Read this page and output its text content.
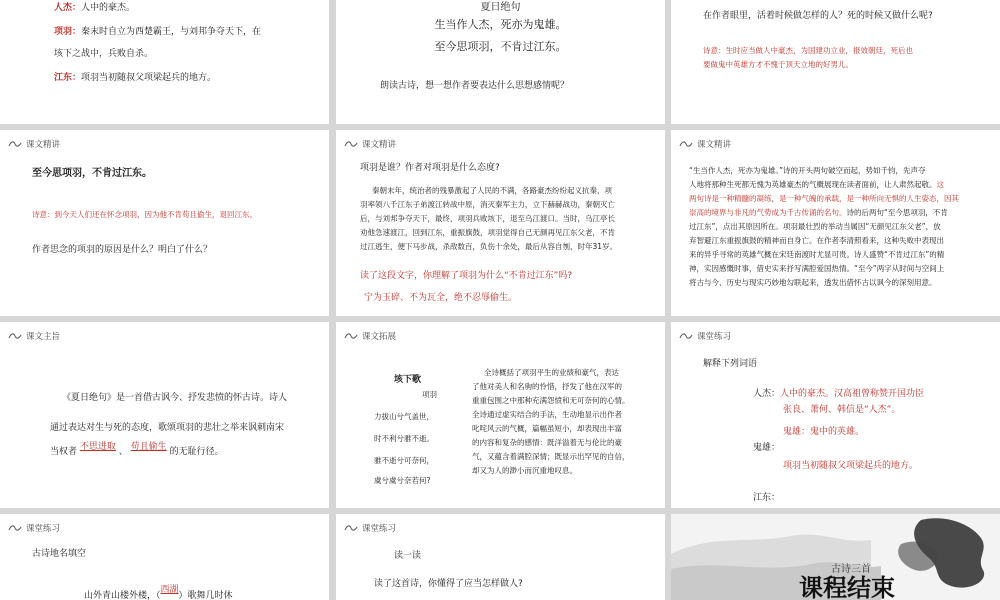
人杰：人中的豪杰。
项羽：秦末时自立为西楚霸王，与刘邦争夺天下，在
垓下之战中，兵败自杀。
江东：项羽当初随叔父项梁起兵的地方。
夏日绝句
生当作人杰，死亦为鬼雄。
至今思项羽，不肯过江东。
朗读古诗，想一想作者要表达什么思想感情呢？
在作者眼里，活着时候做怎样的人？死的时候又做什么呢?
诗意：生时应当做人中豪杰，为国建功立业，报效朝廷，死后也
要做鬼中英雄方才不愧于顶天立地的好男儿。
课文精讲
至今思项羽，不肯过江东。
诗意：到今天人们还在怀念项羽，因为他不肯苟且偷生，退回江东。
作者思念的项羽的原因是什么？明白了什么？
课文精讲
项羽是谁？作者对项羽是什么态度?
秦朝末年，统治者的残暴激起了人民的不满，各路豪杰纷纷起义抗秦，项
羽率领八千江东子弟渡江转战中原，消灭秦军主力，立下赫赫战功，秦朝灭亡
后，与刘邦争夺天下，最终，项羽兵败垓下，退至乌江渡口。当时，乌江亭长
劝他急速渡江，回到江东，重振旗鼓，项羽觉得自己无颜再见江东父老，不肯
过江逃生，便下马步战，杀敌数百，负伤十余处，最后从容自刎，时年31岁。
读了这段文字，你理解了项羽为什么“不肯过江东”吗?
宁为玉碎、不为瓦全，绝不忍辱偷生。
课文精讲
“生当作人杰，死亦为鬼雄。”诗的开头两句破空而起，势如千钧，先声夺
人地将那种生死都无愧为英雄豪杰的气概展现在读者面前，让人肃然起敬。这
两句诗是一种精髓的凝练，是一种气魄的承载，是一种所向无惧的人生姿态，因其
崇高的境界与非凡的气势成为千古传诵的名句。诗的后两句“至今思项羽，不肯
过江东”，点出其原因所在。项羽最壮烈的举动当属因“无颜见江东父老”，放
弃智避江东重振旗鼓的精神而自身亡。在作者李清照看来，这种失败中表现出
来的异乎寻常的英雄气概在宋廷南渡时尤显可贵。诗人盛赞“不肯过江东”的精
神，实因感慨时事，借史实来抒写满腔爱国热情。“至今”两字从时间与空间上
将古与今、历史与现实巧妙地勾联起来，透发出借怀古以讽今的深刻用意。
课文主旨
《夏日绝句》是一首借古讽今、抒发悲愤的怀古诗。诗人
通过表达对生与死的态度，歌颂项羽的悲壮之举来讽刺南宋
当权者 不思进取 、 苟且偷生 的无耻行径。
课文拓展
垓下歌
项羽
力拔山兮气盖世，
时不利兮骓不逝。
骓不逝兮可奈何，
虞兮虞兮奈若何?
全诗概括了项羽平生的业绩和豪气，表达
了他对美人和名驹的怜惜，抒发了他在汉军的
重重包围之中那种充满怨愤和无可奈何的心情。
全诗通过虚实结合的手法，生动地显示出作者
叱咤风云的气概，篇幅虽短小，却表现出丰富
的内容和复杂的感情：既洋溢着无与伦比的豪
气，又蕴含着满腔深情；既显示出罕见的自信，
却又为人的渺小而沉重地叹息。
课堂练习
解释下列词语
人杰：人中的豪杰。汉高祖曾称赞开国功臣
张良、萧何、韩信是“人杰”。
鬼雄：鬼中的英雄。
鬼雄：
项羽当初随叔父项梁起兵的地方。
江东：
课堂练习
古诗地名填空
山外青山楼外楼，（西湖）歌舞几时休
课堂练习
读一读
读了这首诗，你懂得了应当怎样做人?
古诗三首
课程结束
